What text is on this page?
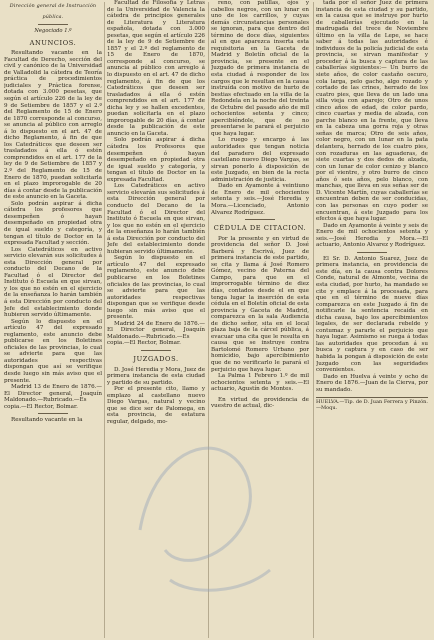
Dirección general de Instrucción

pública.

Negociado 1.º

ANUNCIOS.

Resultando vacante en la Facultad de Derecho, sección del civil y canónico de la Universidad de Valladolid la cátedra de Teoría práctica de procedimientos judiciales y Práctica forense, dotada con 3.000 pesetas, que según el artículo 226 de la ley de 9 de Setiembre de 1857 y el 2.º del Reglamento de 15 de Enero de 1870 corresponde al concurso, se anuncia al público con arreglo á lo dispuesto en el art. 47 de dicho Reglamento, á fin de que los Catedráticos que deseen ser trasladados á ella ó estén comprendidos en el art. 177 de la ley de 9 de Setiembre de 1857 y 2.º del Reglamento de 15 de Enero de 1870, puedan solicitarla en el plazo improrogable de 20 días á contar desde la publicación de este anuncio en la Gaceta.

Solo podrán aspirar á dicha cátedra los profesores que desempeñen ó hayan desempeñado en propiedad otra de igual sueldo y categoría, y tengan el título de Doctor en la expresada Facultad y sección.

Los Catedráticos en activo servicio elevarán sus solicitudes á esta Dirección general por conducto del Decano de la Facultad ó el Director del Instituto ó Escuela en que sirvan, y los que no estén en el ejercicio de la enseñanza lo harán también á esta Dirección por conducto del Jefe del establecimiento donde hubieren servido últimamente.

Según lo dispuesto en el artículo 47 del expresado reglamento, este anuncio debe publicarse en los Boletines oficiales de las provincias, lo cual se advierte para que las autoridades respectivas dispongan que así se verifique desde luego sin más aviso que el presente.

Madrid 13 de Enero de 1876.—El Director general, Joaquín Maldonado.—Rubricado.—Es copia.—El Rector, Bolmar.

Resultando vacante en la

Facultad de Filosofía y Letras de la Universidad de Valencia la cátedra de principios generales de Literatura y Literatura española, dotada con 3.000 pesetas, que según el artículo 226 de la ley de 9 de Setiembre de 1857 y el 2.º del reglamento de 15 de Enero de 1870, corresponde al concurso, se anuncia al público con arreglo á lo dispuesto en el art. 47 de dicho reglamento, á fin de que los Catedráticos que deseen ser trasladados á ella ó estén comprendidos en el art. 177 de dicha ley y se hallen excedentes, puedan solicitarla en el plazo improrogable de 20 días, á contar desde la publicación de este anuncio en la Gaceta.

Solo podrán aspirar á dicha cátedra los Profesores que desempeñen ó hayan desempeñado en propiedad otra de igual sueldo y categoría, y tengan el título de Doctor en la expresada Facultad.

Los Catedráticos en activo servicio elevarán sus solicitudes á esta Dirección general por conducto del Decano de la Facultad ó el Director del Instituto ó Escuela en que sirvan, y los que no estén en el ejercicio de la enseñanza lo harán también á esta Dirección por conducto del Jefe del establecimiento donde hubieran servido últimamente.

Según lo dispuesto en el artículo 47 del expresado reglamento, este anuncio debe publicarse en los Boletines oficiales de las provincias, lo cual se advierte para que las autoridades respectivas dispongan que se verifique desde luego sin más aviso que el presente.

Madrid 24 de Enero de 1876.—El Director general, Joaquín Maldonado.—Rubricado.—Es copia.—El Rector, Bolmar.

JUZGADOS.

D. José Heredia y Mora, Juez de primera instancia de esta ciudad y partido de su partido.

Por el presente cito, llamo y emplazo al castellano nuevo Diego Vargas, natural y vecino que se dice ser de Palomega, en esta provincia, de estatura regular, delgado, mo-

reno, con patillas, ojos y cabellos negros, con un lunar en uno de los carrillos, y cuyas demás circunstancias personales se ignoran, para que dentro del término de doce días, siguientes al en que aparezca inserta esta requisitoria en la Gaceta de Madrid y Boletín oficial de la provincia, se presente en el Juzgado de primera instancia de esta ciudad á responder de los cargos que le resultan en la causa instruída con motivo de hurto de bestias efectuado en la villa de la Redondela en la noche del treinta de Octubre del pasado año de mil ochocientos setenta y cinco; apercibiéndole, que de no presentarse le parará el perjuicio que haya lugar.

Lo ruego y encargo á las autoridades que tengan noticia del paradero del expresado castellano nuevo Diego Vargas, se sirvan ponerlo á disposición de este Juzgado, en bien de la recta administración de justicia.

Dado en Ayamonte á veintiuno de Enero de mil ochocientos setenta y seis.—José Heredia y Mora.—Licenciado, Antonio Alvarez Rodríguez.

CÉDULA DE CITACION.

Por la presente y en virtud de providencia del señor D. José Barberá y Escrivá, Juez de primera instancia de este partido, se cita y llama á José Romero Gómez, vecino de Paterna del Campo, para que en el improrrogable término de diez días, contados desde el en que tenga lugar la inserción de esta cédula en el Boletín oficial de esta provincia y Gaceta de Madrid, comparezca en la sala Audiencia de dicho señor, sita en el local plaza baja de la cárcel pública, á evacuar una cita que le resulta en causa que se instruye contra Bartolomé Romero Urbano por homicidio, bajo apercibimiento que de no verificarlo le parará el perjuicio que haya lugar.

La Palma 1 Febrero 1.º de mil ochocientos setenta y seis.—El actuario, Agustín de Montes.

En virtud de providencia de vuestro de actual, dic-

tada por el señor Juez de primera instancia de esta ciudad y su partido, en la causa que se instruye por hurto de caballerías ejecutado en la madrugada del trece de Noviembre último en la villa de Lepe, se hace saber á todas las autoridades é individuos de la policía judicial de esta provincia, se sirvan manifestar y proceder á la busca y captura de las caballerías siguientes:— Un burro de siete años, de color castaño oscuro, cola larga, pelo gacho, algo rozado y cortado de las crines, herrado de los cuatro pies, que lleva de un lado una silla vieja con aparejo; Otro de unos cinco años de edad, de color pardo, cinco cuartas y media de alzada, con parche blanco en la frente, que lleva en la cabeza una gorra roja y otras señas de marca; Otro de seis años, color negro, con un lunar en la pata delantera, herrado de los cuatro pies, con rozaduras en las aguaderas, de siete cuartas y dos dedos de alzada, con un lunar de color cenizo y blanco por el vientre, y otro burro de cinco años ó seis años, pelo blanco, con manchas, que lleva en sus señas ser de D. Vicente Martín, cuyas caballerías se encuentran deben de ser conducidas, con las personas en cuyo poder se encuentran, á este Juzgado para los efectos á que haya lugar.

Dado en Ayamonte á veinte y seis de Enero de mil ochocientos setenta y seis.—José Heredia y Mora.—El actuario, Antonio Alvarez y Rodríguez.

El Sr. D. Antonio Suarez, Juez de primera instancia, en providencia de este día, en la causa contra Dolores Conde, natural de Almonte, vecina de esta ciudad, por hurto, ha mandado se cite y emplace á la procesada, para que en el término de nueve días comparezca en este Juzgado á fin de notificarle la sentencia recaída en dicha causa, bajo los apercibimientos legales, de ser declarada rebelde y contumaz y pararle el perjuicio que haya lugar. Asimismo se ruega á todas las autoridades que procedan á su busca y captura y en caso de ser habida la pongan á disposición de este Juzgado con las seguridades convenientes.

Dado en Huelva á veinte y ocho de Enero de 1876.—Juan de la Cierva, por su mandado.

HUELVA.—Tip. de D. Juan Ferrera y Pinzón.—Moqu.
